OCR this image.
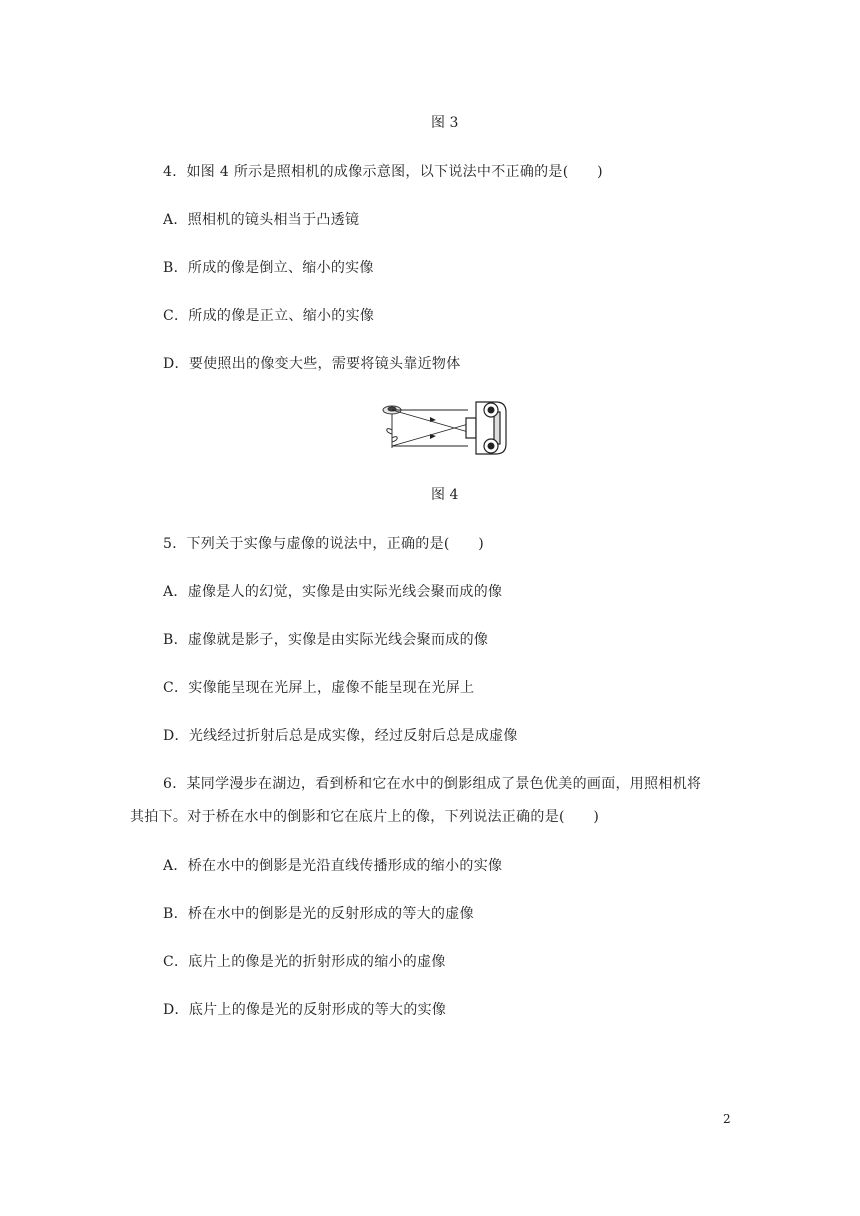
图 3
4．如图 4 所示是照相机的成像示意图，以下说法中不正确的是(　　)
A．照相机的镜头相当于凸透镜
B．所成的像是倒立、缩小的实像
C．所成的像是正立、缩小的实像
D．要使照出的像变大些，需要将镜头靠近物体
图 4
5．下列关于实像与虚像的说法中，正确的是(　　)
A．虚像是人的幻觉，实像是由实际光线会聚而成的像
B．虚像就是影子，实像是由实际光线会聚而成的像
C．实像能呈现在光屏上，虚像不能呈现在光屏上
D．光线经过折射后总是成实像，经过反射后总是成虚像
6．某同学漫步在湖边，看到桥和它在水中的倒影组成了景色优美的画面，用照相机将
其拍下。对于桥在水中的倒影和它在底片上的像，下列说法正确的是(　　)
A．桥在水中的倒影是光沿直线传播形成的缩小的实像
B．桥在水中的倒影是光的反射形成的等大的虚像
C．底片上的像是光的折射形成的缩小的虚像
D．底片上的像是光的反射形成的等大的实像
2
